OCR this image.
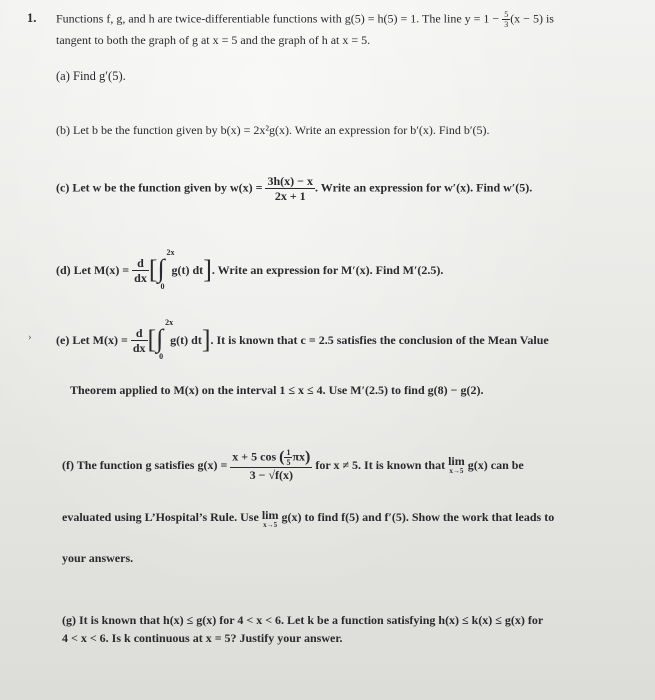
1. Functions f, g, and h are twice-differentiable functions with g(5) = h(5) = 1. The line $y = 1 - \frac{5}{3} (x - 5)$ is
tangent to both the graph of g at x = 5 and the graph of h at x = 5.
(a) Find g′(5).
(b) Let b be the function given by b(x) = 2x²g(x). Write an expression for b′(x). Find b′(5).
(c) Let w be the function given by $w(x) = \frac{3h(x) - x}{2x + 1}$ . Write an expression for w′(x). Find w′(5).
(d) Let $M(x) = \frac{d}{dx}$ [ ∫
2x
0
g(t) dt]. Write an expression for M′(x). Find M′(2.5).
(e) Let $M(x) = \frac{d}{dx}$ [ ∫
2x
0
g(t) dt]. It is known that c = 2.5 satisfies the conclusion of the Mean Value
Theorem applied to M(x) on the interval 1 ≤ x ≤ 4. Use M′(2.5) to find g(8) − g(2).
(f) The function g satisfies $g(x) = \frac{x + 5 \cos ( \frac{1}{5} \pi x)}{3 - √f(x)}$ for x ≠ 5. It is known that lim
x→5 g(x) can be
evaluated using L’Hospital’s Rule. Use lim
x→5
g(x) to find f(5) and f′(5). Show the work that leads to
your answers.
(g) It is known that h(x) ≤ g(x) for 4 < x < 6. Let k be a function satisfying h(x) ≤ k(x) ≤ g(x) for
4 < x < 6. Is k continuous at x = 5? Justify your answer.
›
